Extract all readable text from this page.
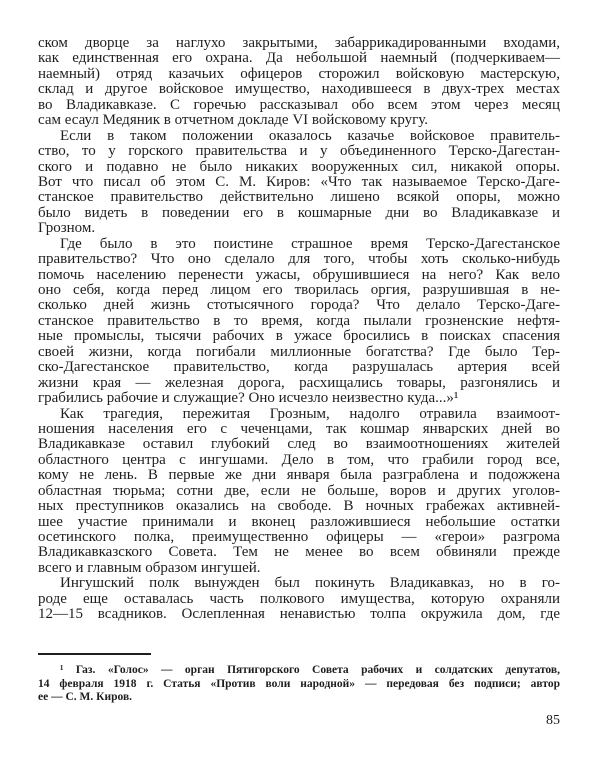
ском дворце за наглухо закрытыми, забаррикадированными входами,
как единственная его охрана. Да небольшой наемный (подчеркиваем—
наемный) отряд казачьих офицеров сторожил войсковую мастерскую,
склад и другое войсковое имущество, находившееся в двух-трех местах
во Владикавказе. С горечью рассказывал обо всем этом через месяц
сам есаул Медяник в отчетном докладе VI войсковому кругу.
Если в таком положении оказалось казачье войсковое правитель-
ство, то у горского правительства и у объединенного Терско-Дагестан-
ского и подавно не было никаких вооруженных сил, никакой опоры.
Вот что писал об этом С. М. Киров: «Что так называемое Терско-Даге-
станское правительство действительно лишено всякой опоры, можно
было видеть в поведении его в кошмарные дни во Владикавказе и
Грозном.
Где было в это поистине страшное время Терско-Дагестанское
правительство? Что оно сделало для того, чтобы хоть сколько-нибудь
помочь населению перенести ужасы, обрушившиеся на него? Как вело
оно себя, когда перед лицом его творилась оргия, разрушившая в не-
сколько дней жизнь стотысячного города? Что делало Терско-Даге-
станское правительство в то время, когда пылали грозненские нефтя-
ные промыслы, тысячи рабочих в ужасе бросились в поисках спасения
своей жизни, когда погибали миллионные богатства? Где было Тер-
ско-Дагестанское правительство, когда разрушалась артерия всей
жизни края — железная дорога, расхищались товары, разгонялись и
грабились рабочие и служащие? Оно исчезло неизвестно куда...»¹
Как трагедия, пережитая Грозным, надолго отравила взаимоот-
ношения населения его с чеченцами, так кошмар январских дней во
Владикавказе оставил глубокий след во взаимоотношениях жителей
областного центра с ингушами. Дело в том, что грабили город все,
кому не лень. В первые же дни января была разграблена и подожжена
областная тюрьма; сотни две, если не больше, воров и других уголов-
ных преступников оказались на свободе. В ночных грабежах активней-
шее участие принимали и вконец разложившиеся небольшие остатки
осетинского полка, преимущественно офицеры — «герои» разгрома
Владикавказского Совета. Тем не менее во всем обвиняли прежде
всего и главным образом ингушей.
Ингушский полк вынужден был покинуть Владикавказ, но в го-
роде еще оставалась часть полкового имущества, которую охраняли
12—15 всадников. Ослепленная ненавистью толпа окружила дом, где
¹ Газ. «Голос» — орган Пятигорского Совета рабочих и солдатских депутатов,
14 февраля 1918 г. Статья «Против воли народной» — передовая без подписи; автор
ее — С. М. Киров.
85
